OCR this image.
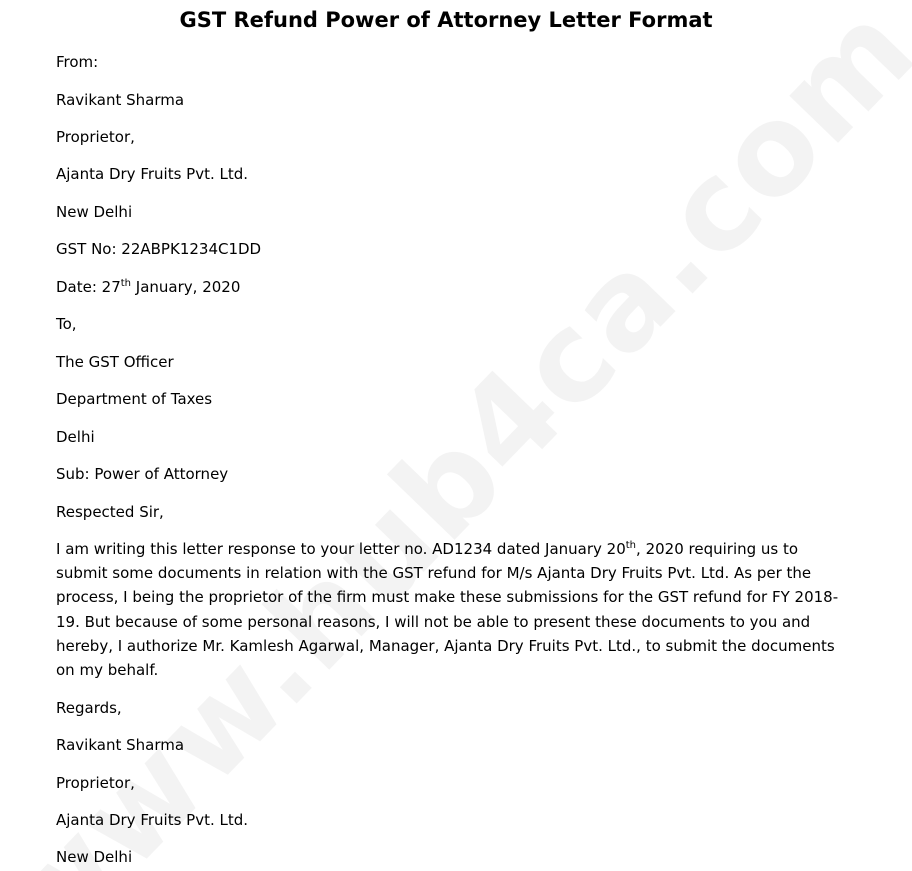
GST Refund Power of Attorney Letter Format

From:

Ravikant Sharma

Proprietor,

Ajanta Dry Fruits Pvt. Ltd.

New Delhi

GST No: 22ABPK1234C1DD

Date: 27th January, 2020

To,

The GST Officer

Department of Taxes

Delhi

Sub: Power of Attorney

Respected Sir,

I am writing this letter response to your letter no. AD1234 dated January 20th, 2020 requiring us to
submit some documents in relation with the GST refund for M/s Ajanta Dry Fruits Pvt. Ltd. As per the
process, I being the proprietor of the firm must make these submissions for the GST refund for FY 2018-
19. But because of some personal reasons, I will not be able to present these documents to you and
hereby, I authorize Mr. Kamlesh Agarwal, Manager, Ajanta Dry Fruits Pvt. Ltd., to submit the documents
on my behalf.

Regards,

Ravikant Sharma

Proprietor,

Ajanta Dry Fruits Pvt. Ltd.

New Delhi
